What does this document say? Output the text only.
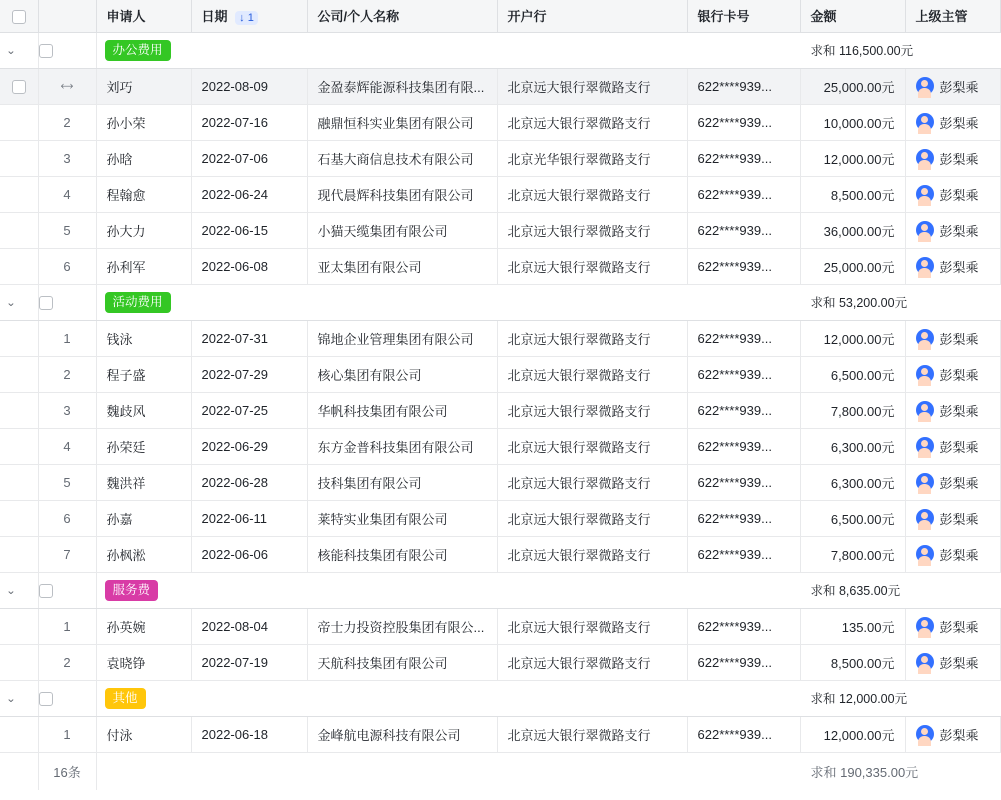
		申请人	日期 ↓ 1	公司/个人名称	开户行	银行卡号	金额	上级主管

⌄		办公费用					求和 116,500.00元	

	⤢	刘巧	2022-08-09	金盈泰辉能源科技集团有限...	北京远大银行翠微路支行	622****939...	25,000.00元	彭梨乘

	2	孙小荣	2022-07-16	融鼎恒科实业集团有限公司	北京远大银行翠微路支行	622****939...	10,000.00元	彭梨乘

	3	孙晗	2022-07-06	石基大商信息技术有限公司	北京光华银行翠微路支行	622****939...	12,000.00元	彭梨乘

	4	程翰愈	2022-06-24	现代晨辉科技集团有限公司	北京远大银行翠微路支行	622****939...	8,500.00元	彭梨乘

	5	孙大力	2022-06-15	小猫天缆集团有限公司	北京远大银行翠微路支行	622****939...	36,000.00元	彭梨乘

	6	孙利军	2022-06-08	亚太集团有限公司	北京远大银行翠微路支行	622****939...	25,000.00元	彭梨乘

⌄		活动费用					求和 53,200.00元	
	1	钱泳	2022-07-31	锦地企业管理集团有限公司	北京远大银行翠微路支行	622****939...	12,000.00元	彭梨乘

	2	程子盛	2022-07-29	核心集团有限公司	北京远大银行翠微路支行	622****939...	6,500.00元	彭梨乘

	3	魏歧风	2022-07-25	华帆科技集团有限公司	北京远大银行翠微路支行	622****939...	7,800.00元	彭梨乘

	4	孙荣廷	2022-06-29	东方金普科技集团有限公司	北京远大银行翠微路支行	622****939...	6,300.00元	彭梨乘

	5	魏洪祥	2022-06-28	技科集团有限公司	北京远大银行翠微路支行	622****939...	6,300.00元	彭梨乘

	6	孙嘉	2022-06-11	莱特实业集团有限公司	北京远大银行翠微路支行	622****939...	6,500.00元	彭梨乘

	7	孙枫淞	2022-06-06	核能科技集团有限公司	北京远大银行翠微路支行	622****939...	7,800.00元	彭梨乘

⌄		服务费					求和 8,635.00元	
	1	孙英婉	2022-08-04	帝士力投资控股集团有限公...	北京远大银行翠微路支行	622****939...	135.00元	彭梨乘

	2	袁晓铮	2022-07-19	天航科技集团有限公司	北京远大银行翠微路支行	622****939...	8,500.00元	彭梨乘

⌄		其他					求和 12,000.00元	
	1	付泳	2022-06-18	金峰航电源科技有限公司	北京远大银行翠微路支行	622****939...	12,000.00元	彭梨乘

	16条						求和 190,335.00元	
